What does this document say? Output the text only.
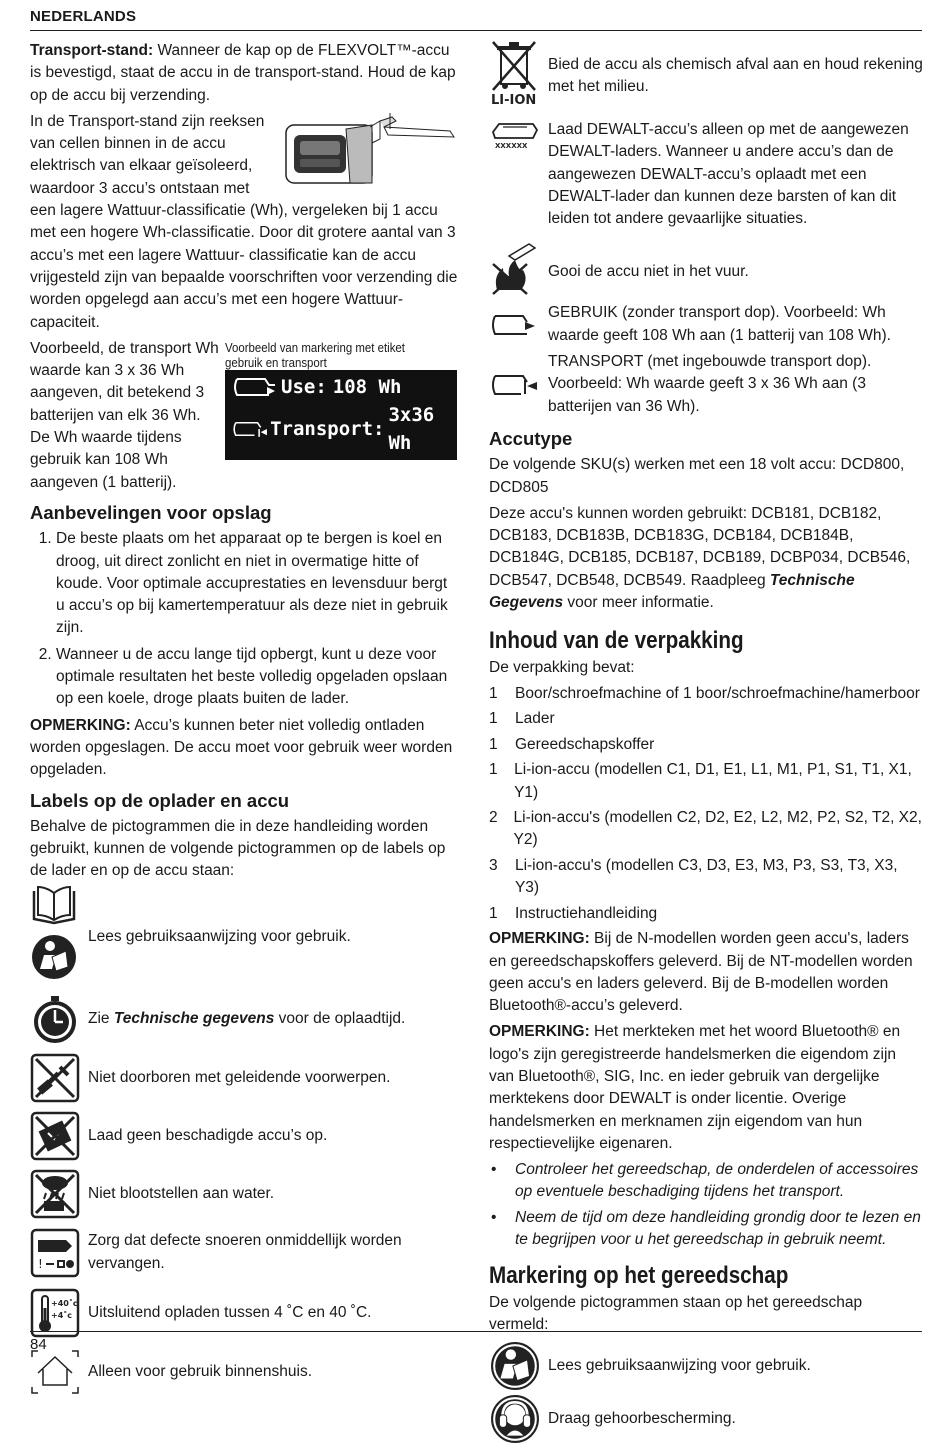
NEDERLANDS

Transport-stand: Wanneer de kap op de FLEXVOLT™-accu is bevestigd, staat de accu in de transport-stand. Houd de kap op de accu bij verzending.

In de Transport-stand zijn reeksen van cellen binnen in de accu elektrisch van elkaar geïsoleerd, waardoor 3 accu’s ontstaan met een lagere Wattuur-classificatie (Wh), vergeleken bij 1 accu met een hogere Wh-classificatie. Door dit grotere aantal van 3 accu’s met een lagere Wattuur- classificatie kan de accu vrijgesteld zijn van bepaalde voorschriften voor verzending die worden opgelegd aan accu’s met een hogere Wattuur-capaciteit.

Voorbeeld van markering met etiket gebruik en transport
Use: 108 Wh
Transport:
3x36 Wh

Voorbeeld, de transport Wh waarde kan 3 x 36 Wh aangeven, dit betekend 3 batterijen van elk 36 Wh. De Wh waarde tijdens gebruik kan 108 Wh aangeven (1 batterij).

Aanbevelingen voor opslag
1. De beste plaats om het apparaat op te bergen is koel en droog, uit direct zonlicht en niet in overmatige hitte of koude. Voor optimale accuprestaties en levensduur bergt u accu’s op bij kamertemperatuur als deze niet in gebruik zijn.
2. Wanneer u de accu lange tijd opbergt, kunt u deze voor optimale resultaten het beste volledig opgeladen opslaan op een koele, droge plaats buiten de lader.

OPMERKING: Accu’s kunnen beter niet volledig ontladen worden opgeslagen. De accu moet voor gebruik weer worden opgeladen.

Labels op de oplader en accu

Behalve de pictogrammen die in deze handleiding worden gebruikt, kunnen de volgende pictogrammen op de labels op de lader en op de accu staan:

Lees gebruiksaanwijzing voor gebruik.
Zie Technische gegevens voor de oplaadtijd.
Niet doorboren met geleidende voorwerpen.
Laad geen beschadigde accu’s op.
Niet blootstellen aan water.
!
Zorg dat defecte snoeren onmiddellijk worden vervangen.
+40˚c
+4˚c Uitsluitend opladen tussen 4 ˚C en 40 ˚C.
Alleen voor gebruik binnenshuis.
LI-ION
Bied de accu als chemisch afval aan en houd rekening met het milieu.
XXXXXX
Laad DEWALT-accu’s alleen op met de aangewezen DEWALT-laders. Wanneer u andere accu’s dan de aangewezen DEWALT-accu’s oplaadt met een DEWALT-lader dan kunnen deze barsten of kan dit leiden tot andere gevaarlijke situaties.
Gooi de accu niet in het vuur.
GEBRUIK (zonder transport dop). Voorbeeld: Wh waarde geeft 108 Wh aan (1 batterij van 108 Wh).
TRANSPORT (met ingebouwde transport dop). Voorbeeld: Wh waarde geeft 3 x 36 Wh aan (3 batterijen van 36 Wh).
Accutype

De volgende SKU(s) werken met een 18 volt accu: DCD800, DCD805

Deze accu's kunnen worden gebruikt: DCB181, DCB182, DCB183, DCB183B, DCB183G, DCB184, DCB184B, DCB184G, DCB185, DCB187, DCB189, DCBP034, DCB546, DCB547, DCB548, DCB549. Raadpleeg Technische Gegevens voor meer informatie.

Inhoud van de verpakking

De verpakking bevat:

1	Boor/schroefmachine of 1 boor/schroefmachine/hamerboor
1	Lader
1	Gereedschapskoffer
1	Li-ion-accu (modellen C1, D1, E1, L1, M1, P1, S1, T1, X1, Y1)
2	Li-ion-accu's (modellen C2, D2, E2, L2, M2, P2, S2, T2, X2, Y2)
3	Li-ion-accu's (modellen C3, D3, E3, M3, P3, S3, T3, X3, Y3)
1	Instructiehandleiding

OPMERKING: Bij de N-modellen worden geen accu's, laders en gereedschapskoffers geleverd. Bij de NT-modellen worden geen accu's en laders geleverd. Bij de B-modellen worden Bluetooth®-accu’s geleverd.

OPMERKING: Het merkteken met het woord Bluetooth® en logo's zijn geregistreerde handelsmerken die eigendom zijn van Bluetooth®, SIG, Inc. en ieder gebruik van dergelijke merktekens door DEWALT is onder licentie. Overige handelsmerken en merknamen zijn eigendom van hun respectievelijke eigenaren.

• Controleer het gereedschap, de onderdelen of accessoires op eventuele beschadiging tijdens het transport.
• Neem de tijd om deze handleiding grondig door te lezen en te begrijpen voor u het gereedschap in gebruik neemt.
Markering op het gereedschap

De volgende pictogrammen staan op het gereedschap vermeld:

Lees gebruiksaanwijzing voor gebruik.
Draag gehoorbescherming.
84
